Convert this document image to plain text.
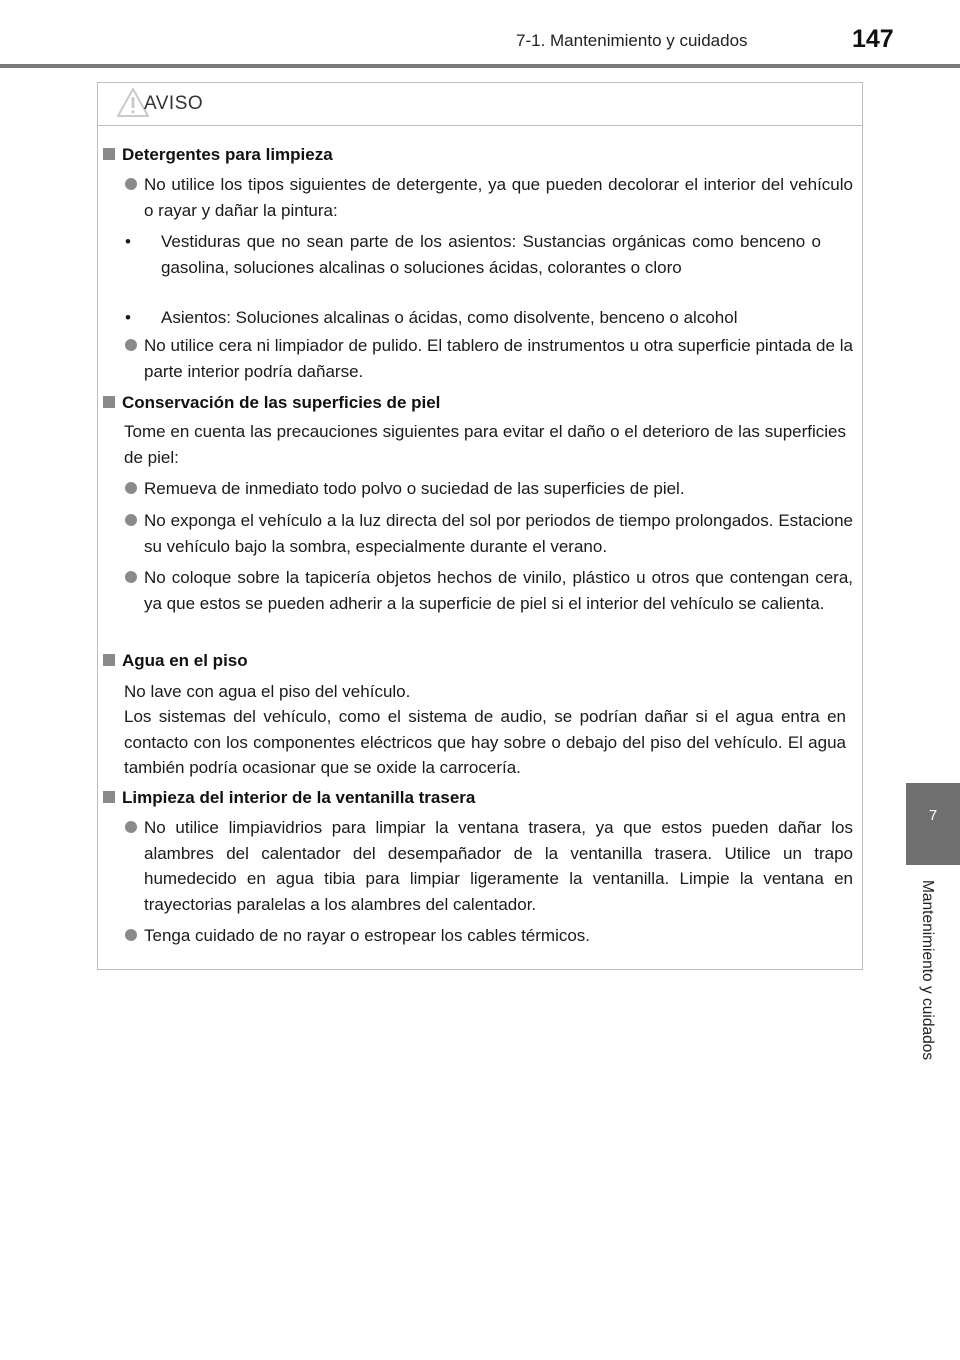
7-1. Mantenimiento y cuidados	147
7
Mantenimiento y cuidados
AVISO
Detergentes para limpieza
No utilice los tipos siguientes de detergente, ya que pueden decolorar el interior del vehículo o rayar y dañar la pintura:
• Vestiduras que no sean parte de los asientos: Sustancias orgánicas como benceno o gasolina, soluciones alcalinas o soluciones ácidas, colorantes o cloro
• Asientos: Soluciones alcalinas o ácidas, como disolvente, benceno o alcohol
No utilice cera ni limpiador de pulido. El tablero de instrumentos u otra superficie pintada de la parte interior podría dañarse.
Conservación de las superficies de piel
Tome en cuenta las precauciones siguientes para evitar el daño o el deterioro de las superficies de piel:
Remueva de inmediato todo polvo o suciedad de las superficies de piel.
No exponga el vehículo a la luz directa del sol por periodos de tiempo prolongados. Estacione su vehículo bajo la sombra, especialmente durante el verano.
No coloque sobre la tapicería objetos hechos de vinilo, plástico u otros que contengan cera, ya que estos se pueden adherir a la superficie de piel si el interior del vehículo se calienta.
Agua en el piso
No lave con agua el piso del vehículo.
Los sistemas del vehículo, como el sistema de audio, se podrían dañar si el agua entra en contacto con los componentes eléctricos que hay sobre o debajo del piso del vehículo. El agua también podría ocasionar que se oxide la carrocería.
Limpieza del interior de la ventanilla trasera
No utilice limpiavidrios para limpiar la ventana trasera, ya que estos pueden dañar los alambres del calentador del desempañador de la ventanilla trasera. Utilice un trapo humedecido en agua tibia para limpiar ligeramente la ventanilla. Limpie la ventana en trayectorias paralelas a los alambres del calentador.
Tenga cuidado de no rayar o estropear los cables térmicos.
